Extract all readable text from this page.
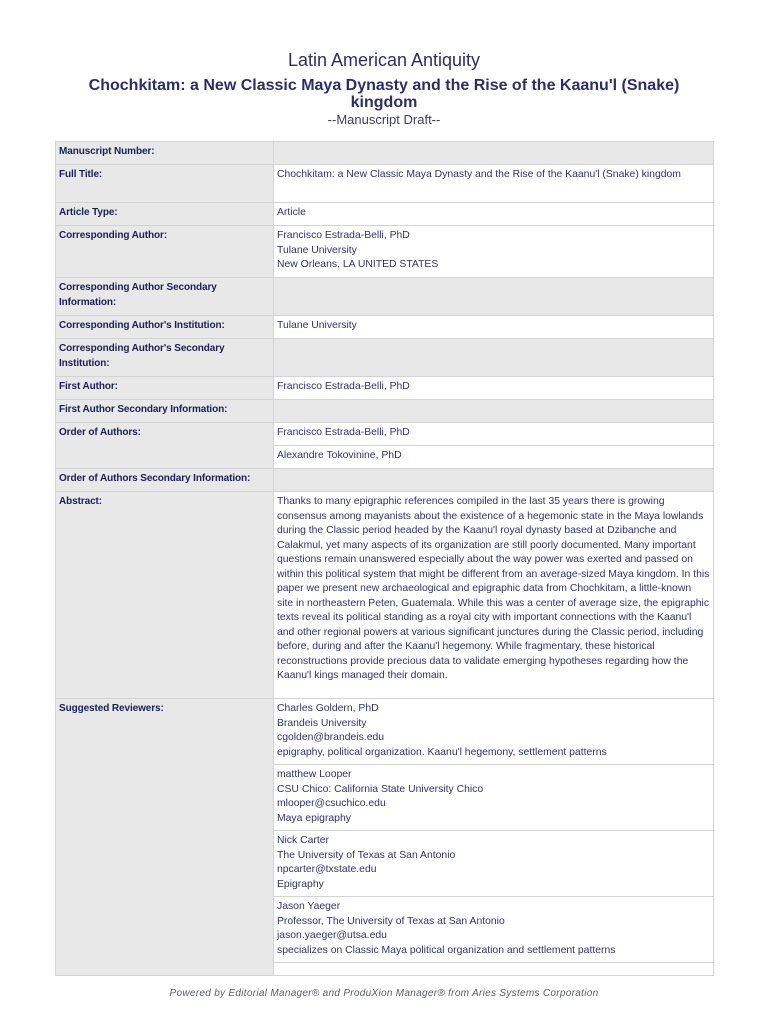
Latin American Antiquity
Chochkitam: a New Classic Maya Dynasty and the Rise of the Kaanu'l (Snake) kingdom
--Manuscript Draft--
Manuscript Number:	
Full Title:	Chochkitam: a New Classic Maya Dynasty and the Rise of the Kaanu'l (Snake) kingdom
Article Type:	Article
Corresponding Author:	Francisco Estrada-Belli, PhD
Tulane University
New Orleans, LA UNITED STATES

Corresponding Author Secondary Information:	
Corresponding Author's Institution:	Tulane University
Corresponding Author's Secondary Institution:	
First Author:	Francisco Estrada-Belli, PhD
First Author Secondary Information:	
Order of Authors:	Francisco Estrada-Belli, PhD
	Alexandre Tokovinine, PhD
Order of Authors Secondary Information:	
Abstract:	Thanks to many epigraphic references compiled in the last 35 years there is growing consensus among mayanists about the existence of a hegemonic state in the Maya lowlands during the Classic period headed by the Kaanu'l royal dynasty based at Dzibanche and Calakmul, yet many aspects of its organization are still poorly documented. Many important questions remain unanswered especially about the way power was exerted and passed on within this political system that might be different from an average-sized Maya kingdom. In this paper we present new archaeological and epigraphic data from Chochkitam, a little-known site in northeastern Peten, Guatemala. While this was a center of average size, the epigraphic texts reveal its political standing as a royal city with important connections with the Kaanu'l and other regional powers at various significant junctures during the Classic period, including before, during and after the Kaanu'l hegemony. While fragmentary, these historical reconstructions provide precious data to validate emerging hypotheses regarding how the Kaanu'l kings managed their domain.
Suggested Reviewers:	Charles Goldern, PhD
Brandeis University
cgolden@brandeis.edu
epigraphy, political organization. Kaanu'l hegemony, settlement patterns

	matthew Looper
CSU Chico: California State University Chico
mlooper@csuchico.edu
Maya epigraphy

	Nick Carter
The University of Texas at San Antonio
npcarter@txstate.edu
Epigraphy

	Jason Yaeger
Professor, The University of Texas at San Antonio
jason.yaeger@utsa.edu
specializes on Classic Maya political organization and settlement patterns

Powered by Editorial Manager® and ProduXion Manager® from Aries Systems Corporation
